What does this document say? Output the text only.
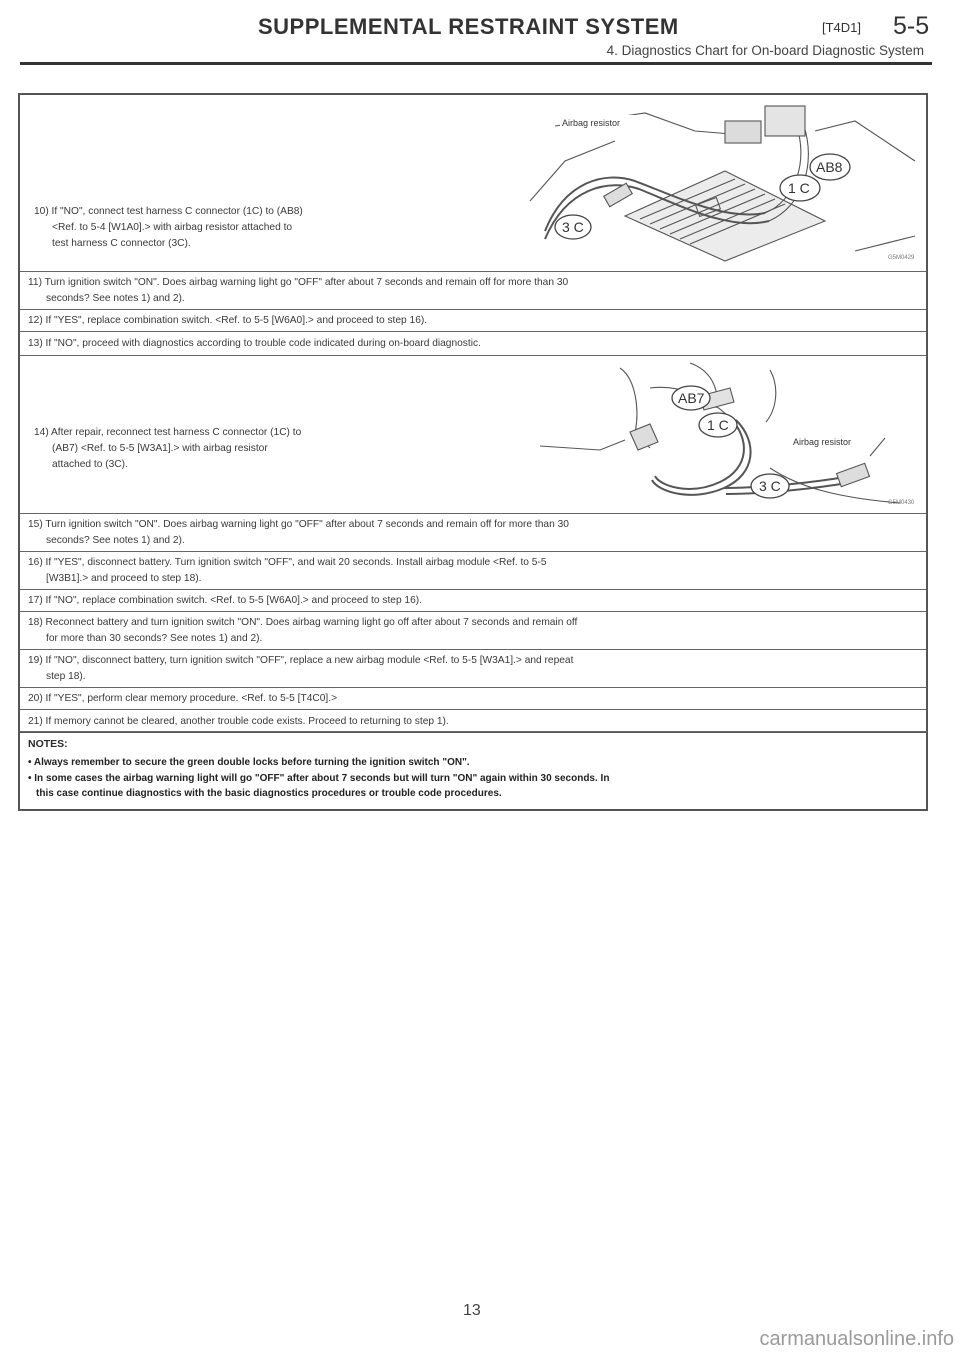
SUPPLEMENTAL RESTRAINT SYSTEM	[T4D1] 5-5
4. Diagnostics Chart for On-board Diagnostic System
10) If "NO", connect test harness C connector (1C) to (AB8)
<Ref. to 5-4 [W1A0].> with airbag resistor attached to
test harness C connector (3C).
Airbag resistor
AB8
1 C
3 C
G5M0429
11) Turn ignition switch "ON". Does airbag warning light go "OFF" after about 7 seconds and remain off for more than 30
seconds? See notes 1) and 2).
12) If "YES", replace combination switch. <Ref. to 5-5 [W6A0].> and proceed to step 16).
13) If "NO", proceed with diagnostics according to trouble code indicated during on-board diagnostic.
14) After repair, reconnect test harness C connector (1C) to
(AB7) <Ref. to 5-5 [W3A1].> with airbag resistor
attached to (3C).
AB7
1 C
Airbag resistor
3 C
G5M0430
15) Turn ignition switch "ON". Does airbag warning light go "OFF" after about 7 seconds and remain off for more than 30
seconds? See notes 1) and 2).
16) If "YES", disconnect battery. Turn ignition switch "OFF", and wait 20 seconds. Install airbag module <Ref. to 5-5
[W3B1].> and proceed to step 18).
17) If "NO", replace combination switch. <Ref. to 5-5 [W6A0].> and proceed to step 16).
18) Reconnect battery and turn ignition switch "ON". Does airbag warning light go off after about 7 seconds and remain off
for more than 30 seconds? See notes 1) and 2).
19) If "NO", disconnect battery, turn ignition switch "OFF", replace a new airbag module <Ref. to 5-5 [W3A1].> and repeat
step 18).
20) If "YES", perform clear memory procedure. <Ref. to 5-5 [T4C0].>
21) If memory cannot be cleared, another trouble code exists. Proceed to returning to step 1).
NOTES:
• Always remember to secure the green double locks before turning the ignition switch "ON".
• In some cases the airbag warning light will go "OFF" after about 7 seconds but will turn "ON" again within 30 seconds. In
this case continue diagnostics with the basic diagnostics procedures or trouble code procedures.
13
carmanualsonline.info
